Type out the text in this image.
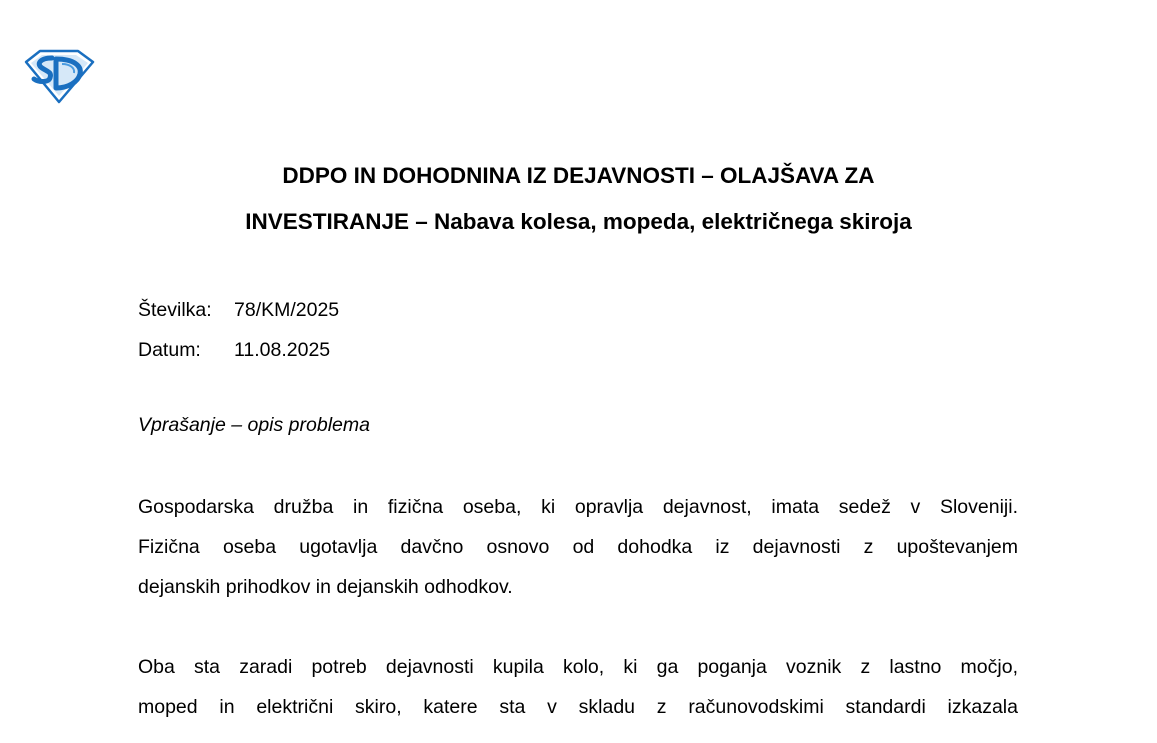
DDPO IN DOHODNINA IZ DEJAVNOSTI – OLAJŠAVA ZA
INVESTIRANJE – Nabava kolesa, mopeda, električnega skiroja
Številka:	78/KM/2025
Datum:	11.08.2025
Vprašanje – opis problema
Gospodarska družba in fizična oseba, ki opravlja dejavnost, imata sedež v Sloveniji.
Fizična oseba ugotavlja davčno osnovo od dohodka iz dejavnosti z upoštevanjem
dejanskih prihodkov in dejanskih odhodkov.
Oba sta zaradi potreb dejavnosti kupila kolo, ki ga poganja voznik z lastno močjo,
moped in električni skiro, katere sta v skladu z računovodskimi standardi izkazala
